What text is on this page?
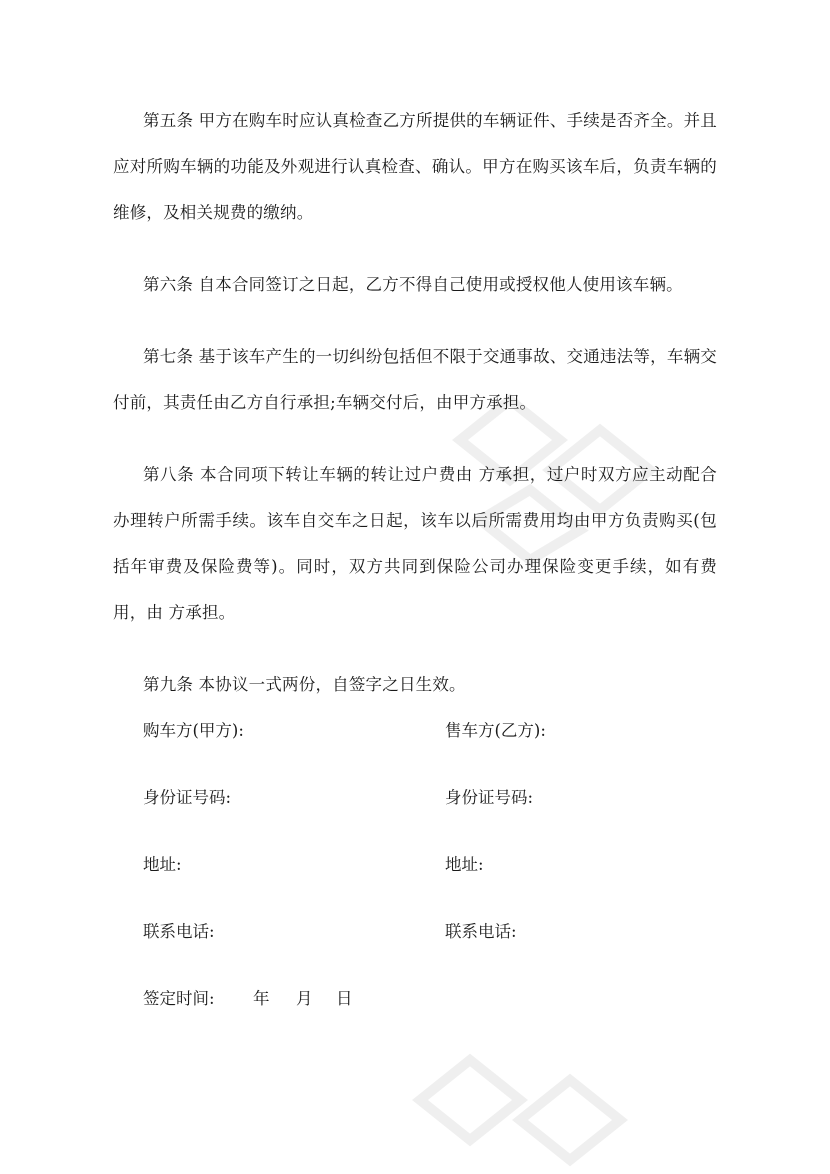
第五条 甲方在购车时应认真检查乙方所提供的车辆证件、手续是否齐全。并且应对所购车辆的功能及外观进行认真检查、确认。甲方在购买该车后，负责车辆的维修，及相关规费的缴纳。

第六条 自本合同签订之日起，乙方不得自己使用或授权他人使用该车辆。

第七条 基于该车产生的一切纠纷包括但不限于交通事故、交通违法等，车辆交付前，其责任由乙方自行承担;车辆交付后，由甲方承担。

第八条 本合同项下转让车辆的转让过户费由 方承担，过户时双方应主动配合办理转户所需手续。该车自交车之日起，该车以后所需费用均由甲方负责购买(包括年审费及保险费等)。同时，双方共同到保险公司办理保险变更手续，如有费用，由 方承担。

第九条 本协议一式两份，自签字之日生效。

购车方(甲方):	售车方(乙方):
身份证号码:	身份证号码:
地址:	地址:
联系电话:	联系电话:
签定时间: 年 月 日
